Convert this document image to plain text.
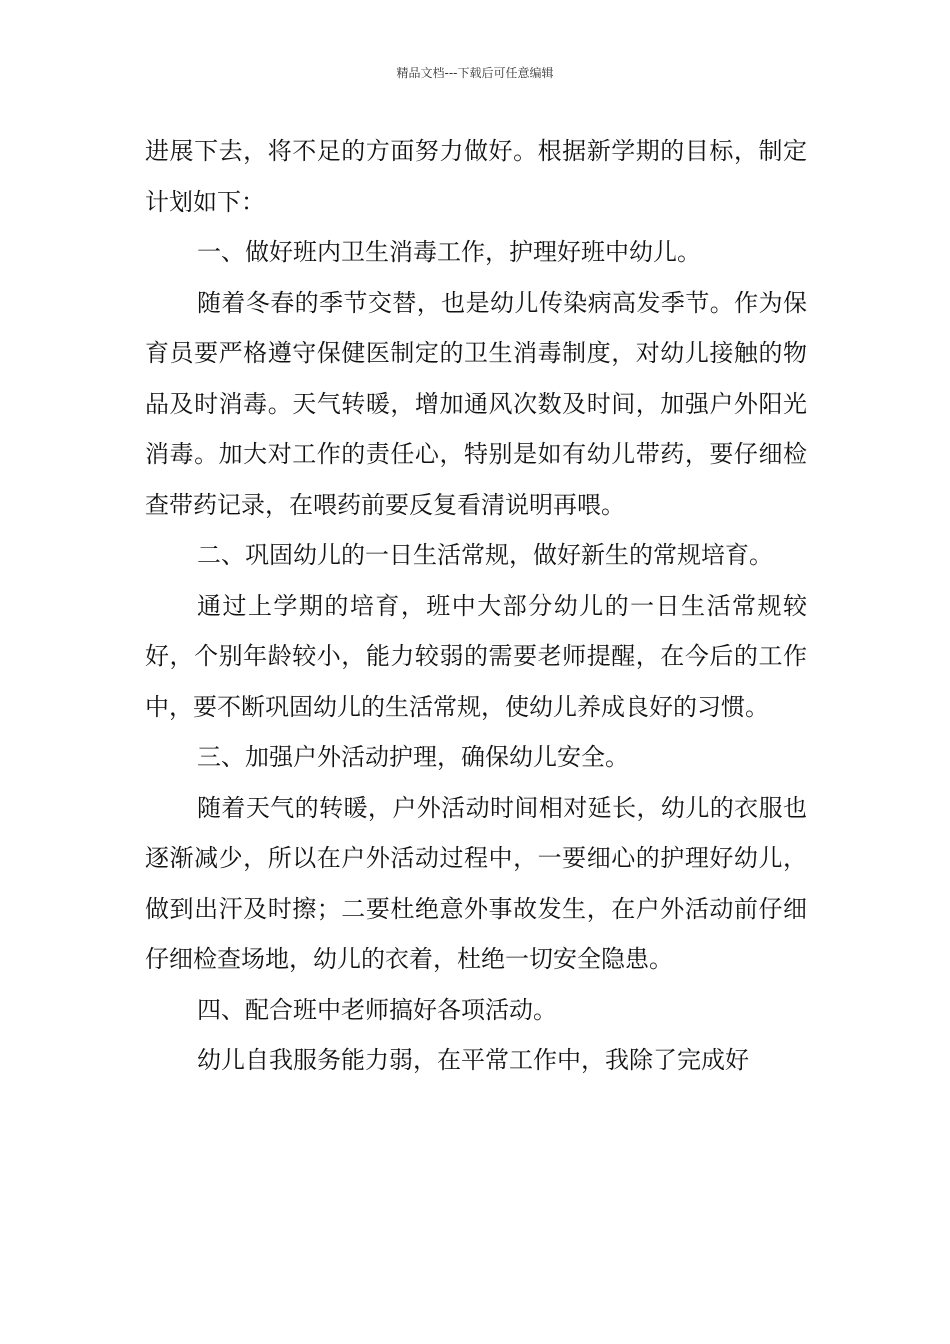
精品文档---下载后可任意编辑

进展下去，将不足的方面努力做好。根据新学期的目标，制定计划如下：

一、做好班内卫生消毒工作，护理好班中幼儿。

随着冬春的季节交替，也是幼儿传染病高发季节。作为保育员要严格遵守保健医制定的卫生消毒制度，对幼儿接触的物品及时消毒。天气转暖，增加通风次数及时间，加强户外阳光消毒。加大对工作的责任心，特别是如有幼儿带药，要仔细检查带药记录，在喂药前要反复看清说明再喂。

二、巩固幼儿的一日生活常规，做好新生的常规培育。

通过上学期的培育，班中大部分幼儿的一日生活常规较好，个别年龄较小，能力较弱的需要老师提醒，在今后的工作中，要不断巩固幼儿的生活常规，使幼儿养成良好的习惯。

三、加强户外活动护理，确保幼儿安全。

随着天气的转暖，户外活动时间相对延长，幼儿的衣服也逐渐减少，所以在户外活动过程中，一要细心的护理好幼儿，做到出汗及时擦；二要杜绝意外事故发生，在户外活动前仔细仔细检查场地，幼儿的衣着，杜绝一切安全隐患。

四、配合班中老师搞好各项活动。

幼儿自我服务能力弱，在平常工作中，我除了完成好
